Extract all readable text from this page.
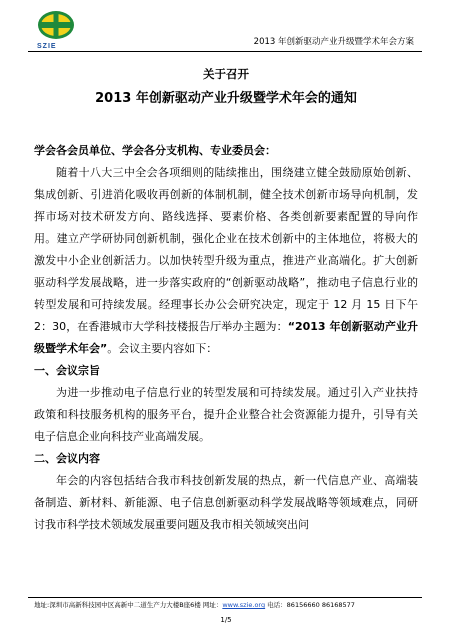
SZIE	2013 年创新驱动产业升级暨学术年会方案
关于召开
2013 年创新驱动产业升级暨学术年会的通知

学会各会员单位、学会各分支机构、专业委员会：

随着十八大三中全会各项细则的陆续推出，围绕建立健全鼓励原始创新、集成创新、引进消化吸收再创新的体制机制，健全技术创新市场导向机制，发挥市场对技术研发方向、路线选择、要素价格、各类创新要素配置的导向作用。建立产学研协同创新机制，强化企业在技术创新中的主体地位，将极大的激发中小企业创新活力。以加快转型升级为重点，推进产业高端化。扩大创新驱动科学发展战略，进一步落实政府的“创新驱动战略”，推动电子信息行业的转型发展和可持续发展。经理事长办公会研究决定，现定于 12 月 15 日下午 2：30，在香港城市大学科技楼报告厅举办主题为：“2013 年创新驱动产业升级暨学术年会”。会议主要内容如下：

一、会议宗旨

为进一步推动电子信息行业的转型发展和可持续发展。通过引入产业扶持政策和科技服务机构的服务平台，提升企业整合社会资源能力提升，引导有关电子信息企业向科技产业高端发展。

二、会议内容

年会的内容包括结合我市科技创新发展的热点，新一代信息产业、高端装备制造、新材料、新能源、电子信息创新驱动科学发展战略等领域难点，同研讨我市科学技术领域发展重要问题及我市相关领域突出问

地址:深圳市高新科技园中区高新中二道生产力大楼B座6楼 网址：www.szie.org 电话：86156660 86168577
1/5
